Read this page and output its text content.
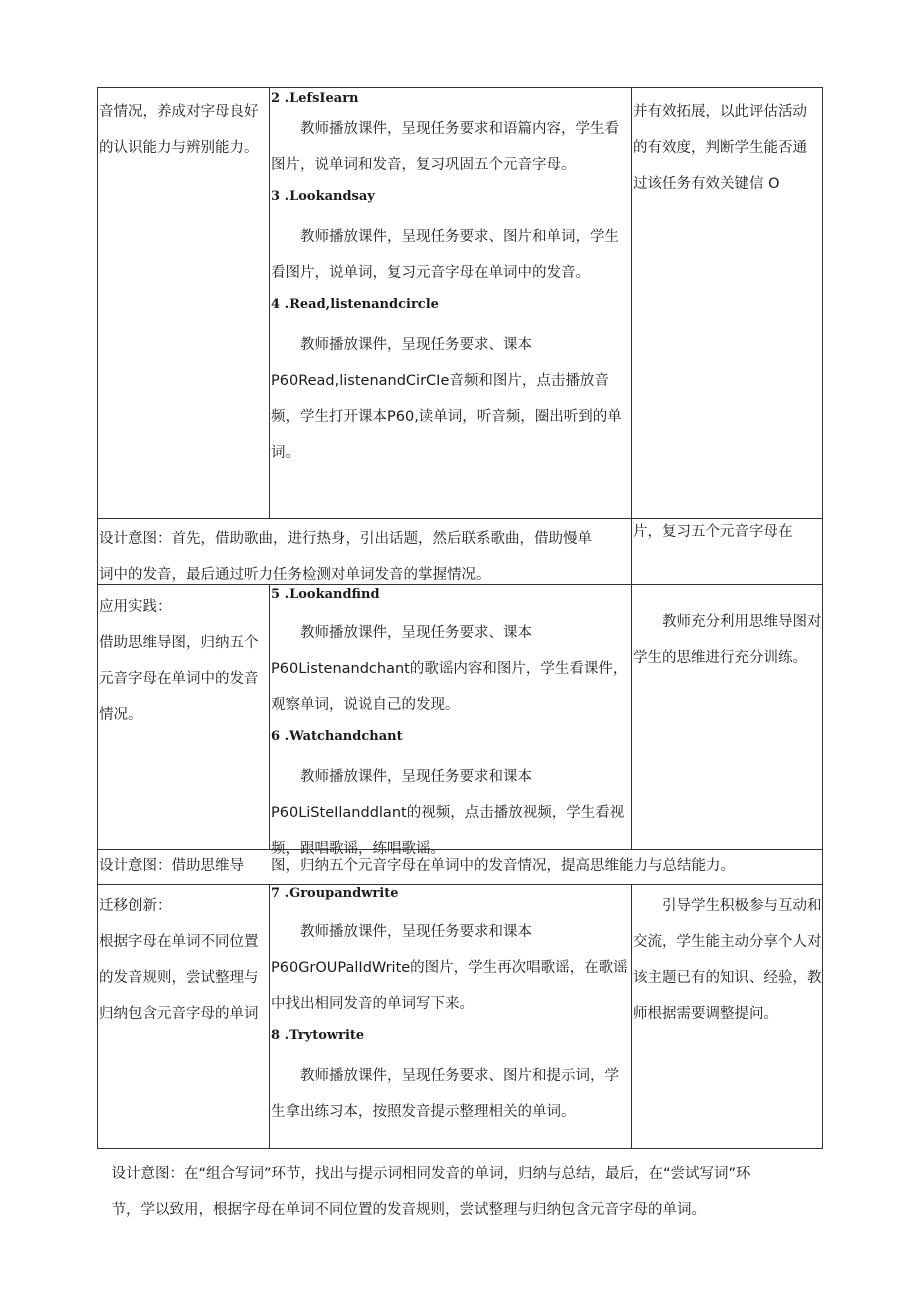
音情况，养成对字母良好

的认识能力与辨别能力。

2 .LefsIearn

教师播放课件，呈现任务要求和语篇内容，学生看图片，说单词和发音，复习巩固五个元音字母。

3 .Lookandsay

教师播放课件，呈现任务要求、图片和单词，学生看图片，说单词，复习元音字母在单词中的发音。

4 .Read,listenandcircle

教师播放课件，呈现任务要求、课本P60Read,listenandCirCIe音频和图片，点击播放音频，学生打开课本P60,读单词，听音频，圈出听到的单词。

并有效拓展，以此评估活动

的有效度，判断学生能否通

过该任务有效关键信 O

设计意图：首先，借助歌曲，进行热身，引出话题，然后联系歌曲，借助慢单

词中的发音，最后通过听力任务检测对单词发音的掌握情况。

片，复习五个元音字母在

应用实践：

借助思维导图，归纳五个

元音字母在单词中的发音

情况。

5 .Lookandfind

教师播放课件，呈现任务要求、课本P60Listenandchant的歌谣内容和图片，学生看课件，观察单词，说说自己的发现。

6 .Watchandchant

教师播放课件，呈现任务要求和课本P60LiSteIlanddlant的视频，点击播放视频，学生看视频，跟唱歌谣，练唱歌谣。

教师充分利用思维导图对学生的思维进行充分训练。

设计意图：借助思维导	图，归纳五个元音字母在单词中的发音情况，提高思维能力与总结能力。

迁移创新：

根据字母在单词不同位置

的发音规则，尝试整理与

归纳包含元音字母的单词

7 .Groupandwrite

教师播放课件，呈现任务要求和课本P60GrOUPalIdWrite的图片，学生再次唱歌谣，在歌谣中找出相同发音的单词写下来。

8 .Trytowrite

教师播放课件，呈现任务要求、图片和提示词，学生拿出练习本，按照发音提示整理相关的单词。

引导学生积极参与互动和交流，学生能主动分享个人对该主题已有的知识、经验，教师根据需要调整提问。

设计意图：在“组合写词”环节，找出与提示词相同发音的单词，归纳与总结，最后，在“尝试写词”环

节，学以致用，根据字母在单词不同位置的发音规则，尝试整理与归纳包含元音字母的单词。
